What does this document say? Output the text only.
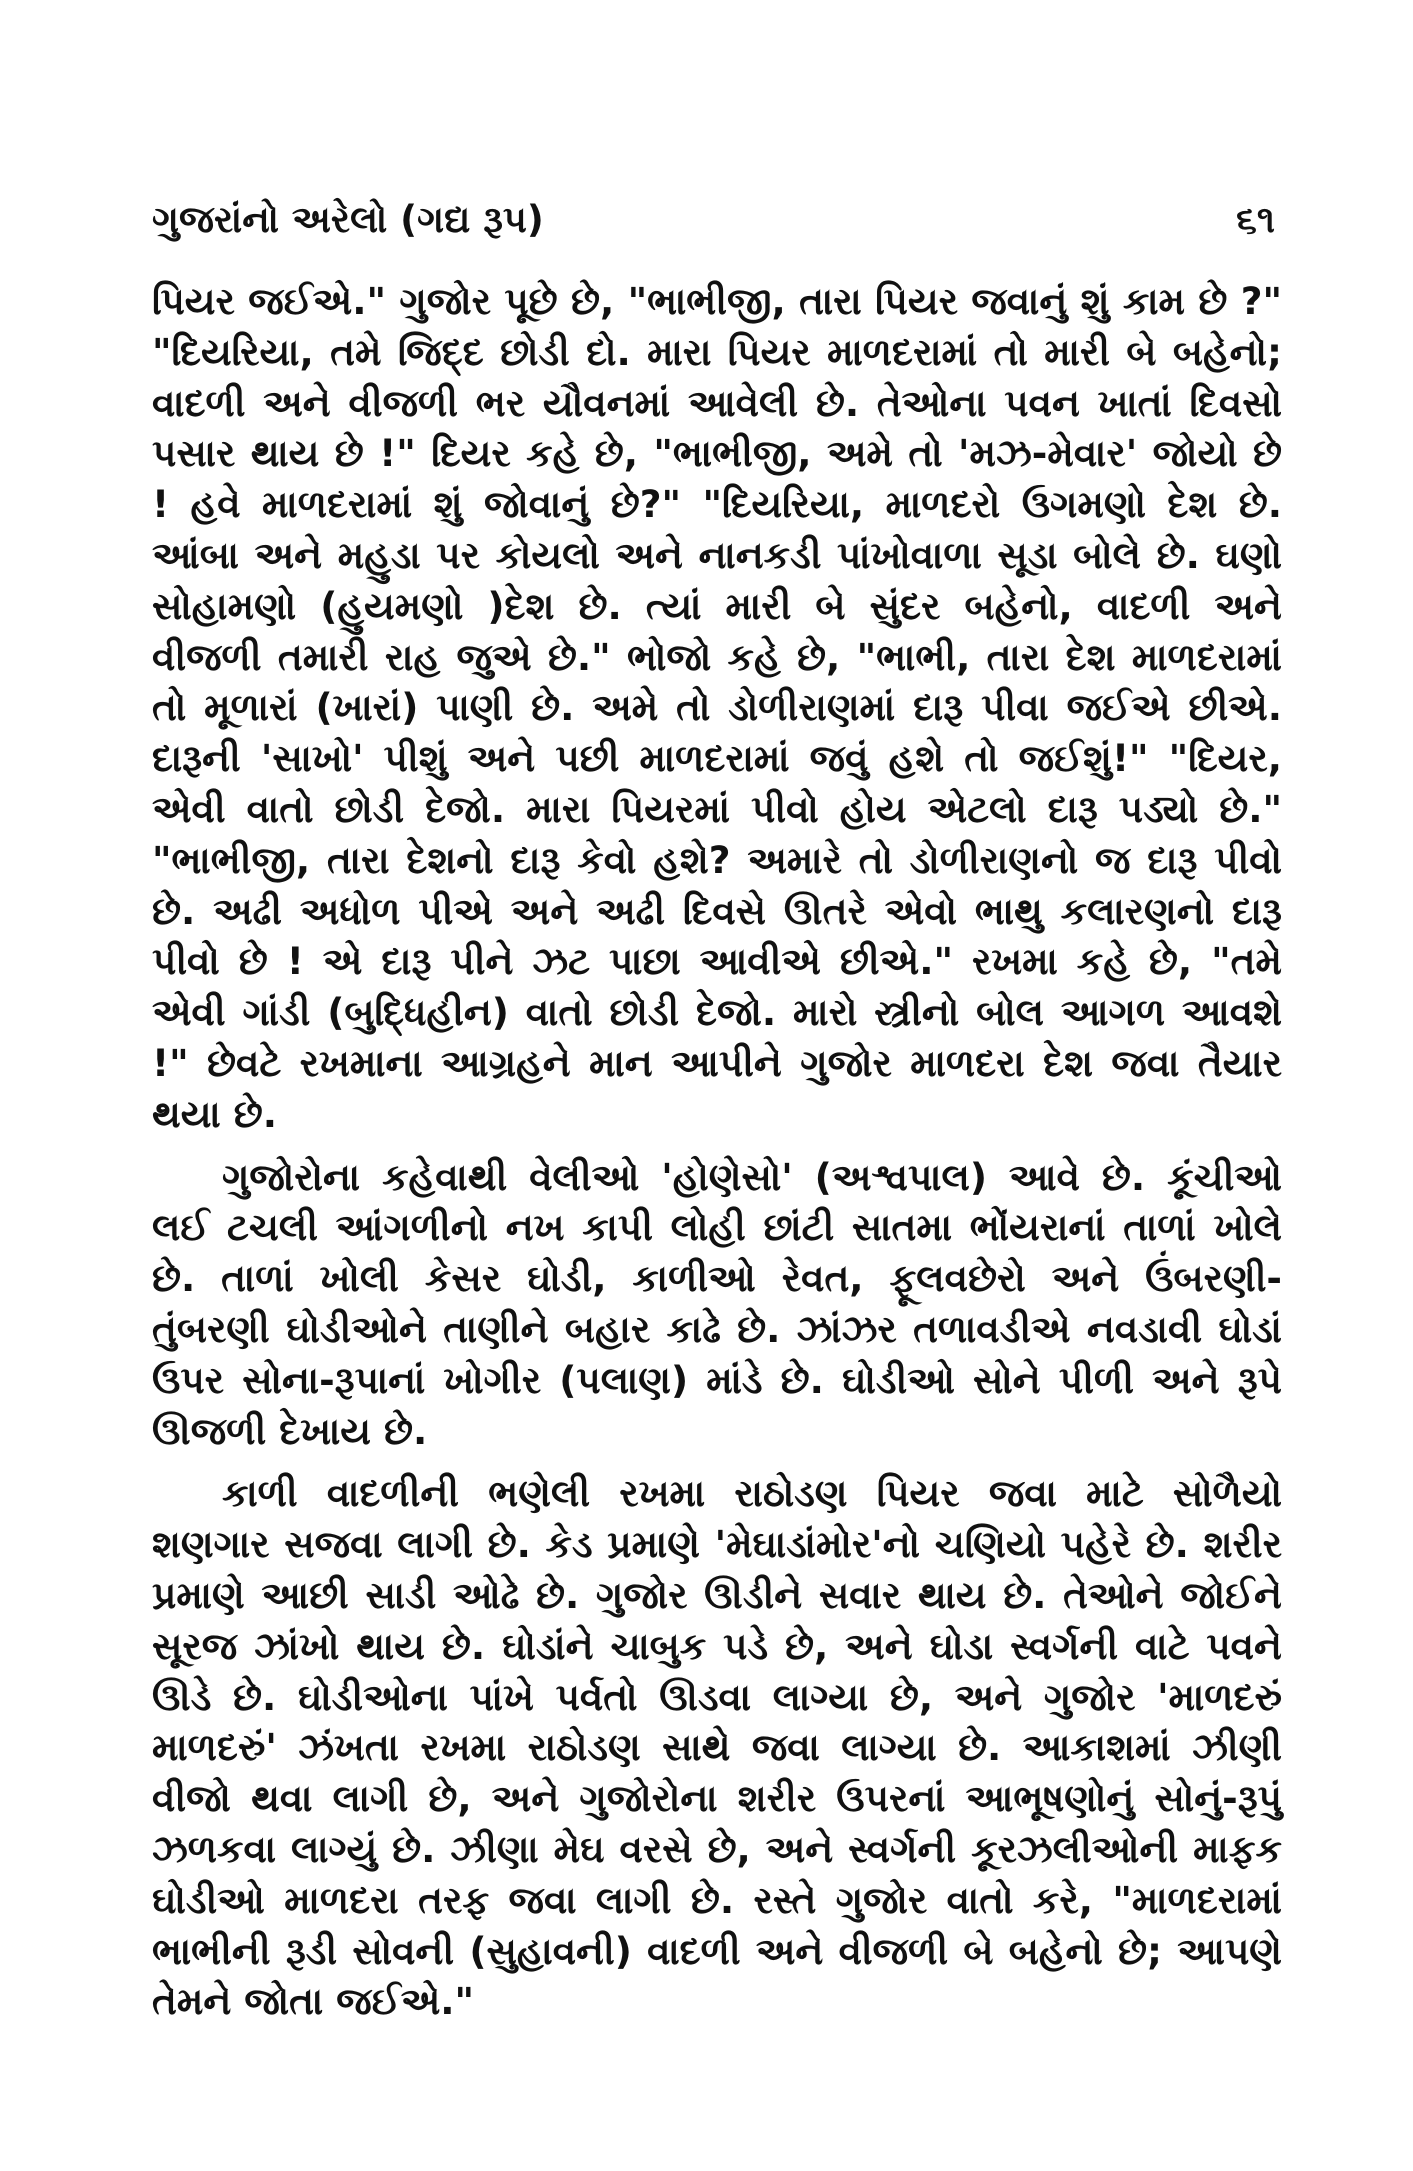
ગુજરાંનો અરેલો (ગદ્ય રૂપ)	૬૧

પિયર જઈએ." ગુજોર પૂછે છે, "ભાભીજી, તારા પિયર જવાનું શું કામ છે ?" "દિયરિયા, તમે જિદ્દ છોડી દો. મારા પિયર માળદરામાં તો મારી બે બહેનો; વાદળી અને વીજળી ભર યૌવનમાં આવેલી છે. તેઓના પવન ખાતાં દિવસો પસાર થાય છે !" દિયર કહે છે, "ભાભીજી, અમે તો 'મઝ-મેવાર' જોયો છે ! હવે માળદરામાં શું જોવાનું છે?" "દિયરિયા, માળદરો ઉગમણો દેશ છે. આંબા અને મહુડા પર કોયલો અને નાનકડી પાંખોવાળા સૂડા બોલે છે. ઘણો સોહામણો (હુયમણો )દેશ છે. ત્યાં મારી બે સુંદર બહેનો, વાદળી અને વીજળી તમારી રાહ જુએ છે." ભોજો કહે છે, "ભાભી, તારા દેશ માળદરામાં તો મૂળારાં (ખારાં) પાણી છે. અમે તો ડોળીરાણમાં દારૂ પીવા જઈએ છીએ. દારૂની 'સાખો' પીશું અને પછી માળદરામાં જવું હશે તો જઈશું!" "દિયર, એવી વાતો છોડી દેજો. મારા પિયરમાં પીવો હોય એટલો દારૂ પડ્યો છે." "ભાભીજી, તારા દેશનો દારૂ કેવો હશે? અમારે તો ડોળીરાણનો જ દારૂ પીવો છે. અઢી અધોળ પીએ અને અઢી દિવસે ઊતરે એવો ભાથુ કલારણનો દારૂ પીવો છે ! એ દારૂ પીને ઝટ પાછા આવીએ છીએ." રખમા કહે છે, "તમે એવી ગાંડી (બુદ્ધિહીન) વાતો છોડી દેજો. મારો સ્ત્રીનો બોલ આગળ આવશે !" છેવટે રખમાના આગ્રહને માન આપીને ગુજોર માળદરા દેશ જવા તૈયાર થયા છે.

ગુજોરોના કહેવાથી વેલીઓ 'હોણેસો' (અશ્વપાલ) આવે છે. કૂંચીઓ લઈ ટચલી આંગળીનો નખ કાપી લોહી છાંટી સાતમા ભોંયરાનાં તાળાં ખોલે છે. તાળાં ખોલી કેસર ઘોડી, કાળીઓ રેવત, ફૂલવછેરો અને ઉંબરણી-તુંબરણી ઘોડીઓને તાણીને બહાર કાઢે છે. ઝાંઝર તળાવડીએ નવડાવી ઘોડાં ઉપર સોના-રૂપાનાં ખોગીર (પલાણ) માંડે છે. ઘોડીઓ સોને પીળી અને રૂપે ઊજળી દેખાય છે.

કાળી વાદળીની ભણેલી રખમા રાઠોડણ પિયર જવા માટે સોળૈયો શણગાર સજવા લાગી છે. કેડ પ્રમાણે 'મેઘાડાંમોર'નો ચણિયો પહેરે છે. શરીર પ્રમાણે આછી સાડી ઓઢે છે. ગુજોર ઊડીને સવાર થાય છે. તેઓને જોઈને સૂરજ ઝાંખો થાય છે. ઘોડાંને ચાબુક પડે છે, અને ઘોડા સ્વર્ગની વાટે પવને ઊડે છે. ઘોડીઓના પાંખે પર્વતો ઊડવા લાગ્યા છે, અને ગુજોર 'માળદરું માળદરું' ઝંખતા રખમા રાઠોડણ સાથે જવા લાગ્યા છે. આકાશમાં ઝીણી વીજો થવા લાગી છે, અને ગુજોરોના શરીર ઉપરનાં આભૂષણોનું સોનું-રૂપું ઝળકવા લાગ્યું છે. ઝીણા મેઘ વરસે છે, અને સ્વર્ગની કૂરઝલીઓની માફક ઘોડીઓ માળદરા તરફ જવા લાગી છે. રસ્તે ગુજોર વાતો કરે, "માળદરામાં ભાભીની રૂડી સોવની (સુહાવની) વાદળી અને વીજળી બે બહેનો છે; આપણે તેમને જોતા જઈએ."
